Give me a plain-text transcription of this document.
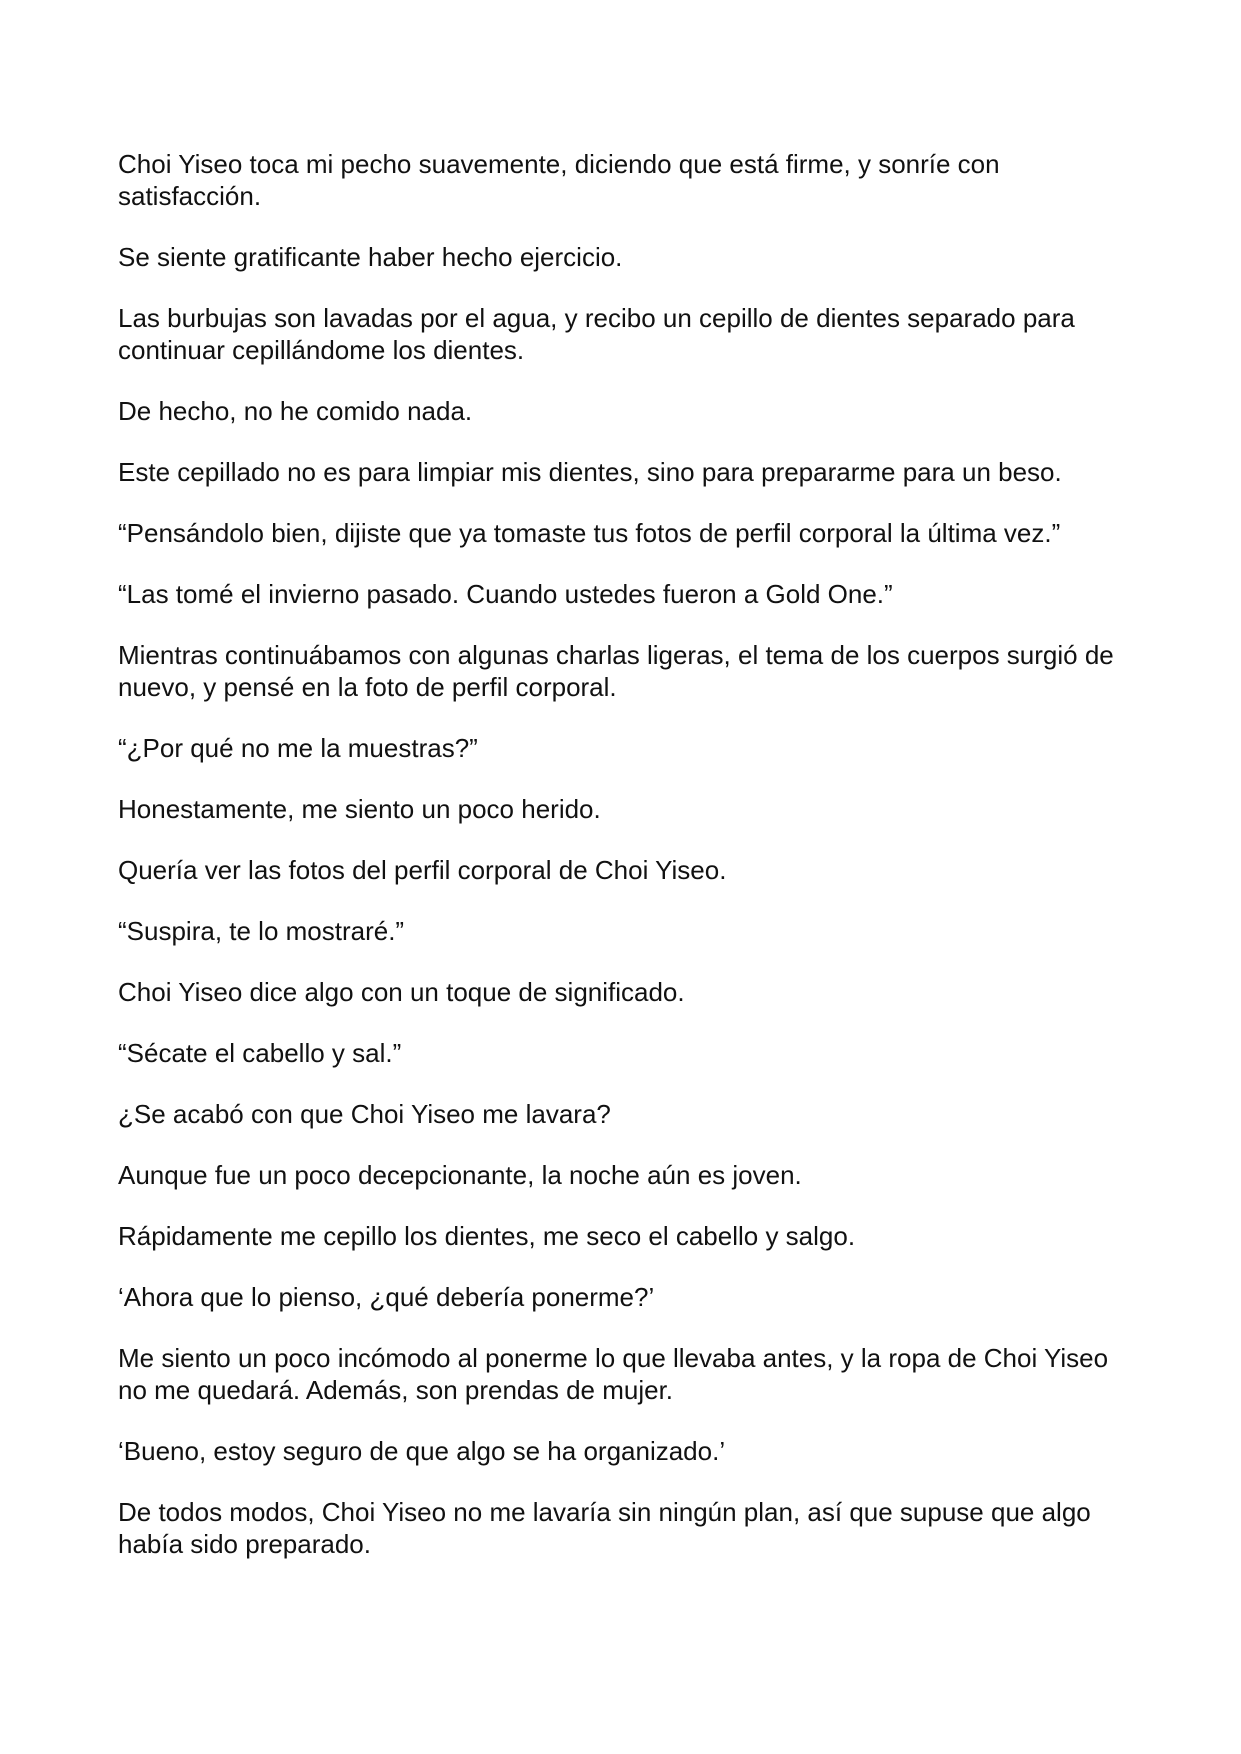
Choi Yiseo toca mi pecho suavemente, diciendo que está firme, y sonríe con satisfacción.

Se siente gratificante haber hecho ejercicio.

Las burbujas son lavadas por el agua, y recibo un cepillo de dientes separado para continuar cepillándome los dientes.

De hecho, no he comido nada.

Este cepillado no es para limpiar mis dientes, sino para prepararme para un beso.

“Pensándolo bien, dijiste que ya tomaste tus fotos de perfil corporal la última vez.”

“Las tomé el invierno pasado. Cuando ustedes fueron a Gold One.”

Mientras continuábamos con algunas charlas ligeras, el tema de los cuerpos surgió de nuevo, y pensé en la foto de perfil corporal.

“¿Por qué no me la muestras?”

Honestamente, me siento un poco herido.

Quería ver las fotos del perfil corporal de Choi Yiseo.

“Suspira, te lo mostraré.”

Choi Yiseo dice algo con un toque de significado.

“Sécate el cabello y sal.”

¿Se acabó con que Choi Yiseo me lavara?

Aunque fue un poco decepcionante, la noche aún es joven.

Rápidamente me cepillo los dientes, me seco el cabello y salgo.

‘Ahora que lo pienso, ¿qué debería ponerme?’

Me siento un poco incómodo al ponerme lo que llevaba antes, y la ropa de Choi Yiseo no me quedará. Además, son prendas de mujer.

‘Bueno, estoy seguro de que algo se ha organizado.’

De todos modos, Choi Yiseo no me lavaría sin ningún plan, así que supuse que algo había sido preparado.
